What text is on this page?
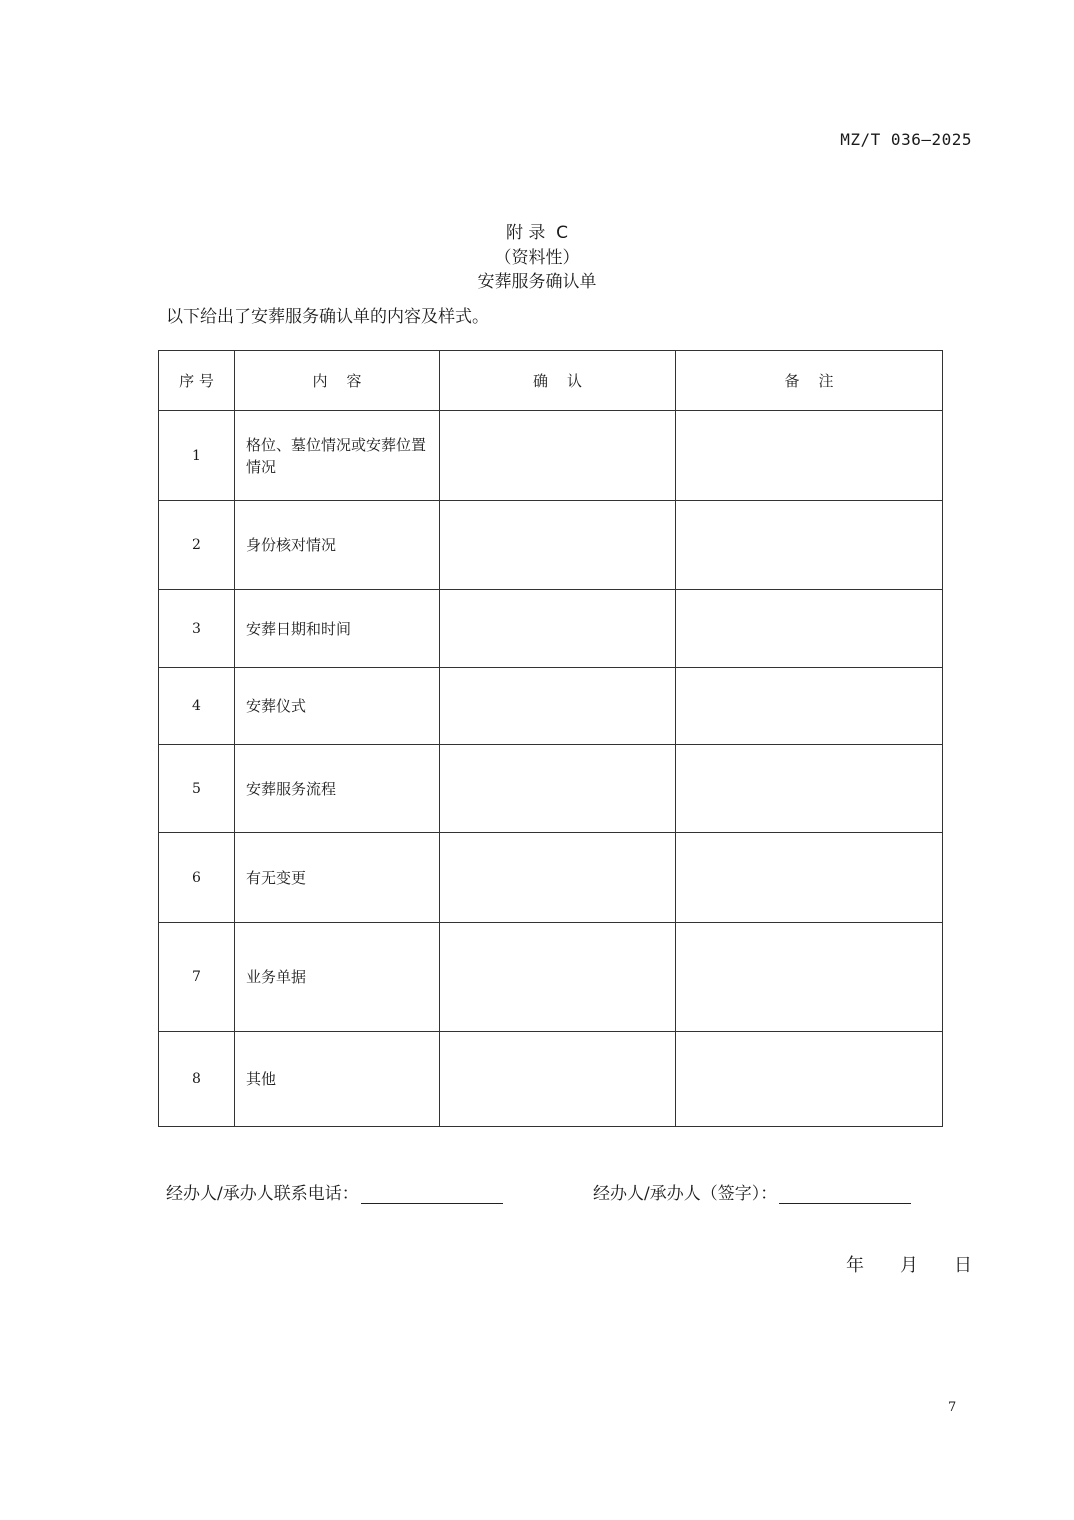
MZ/T 036—2025
附 录  C
（资料性）
安葬服务确认单
以下给出了安葬服务确认单的内容及样式。
序 号	内    容	确    认	备    注
1	格位、墓位情况或安葬位置情况		
2	身份核对情况		
3	安葬日期和时间		
4	安葬仪式		
5	安葬服务流程		
6	有无变更		
7	业务单据		
8	其他		
经办人/承办人联系电话：	经办人/承办人（签字）：
年 月 日
7
